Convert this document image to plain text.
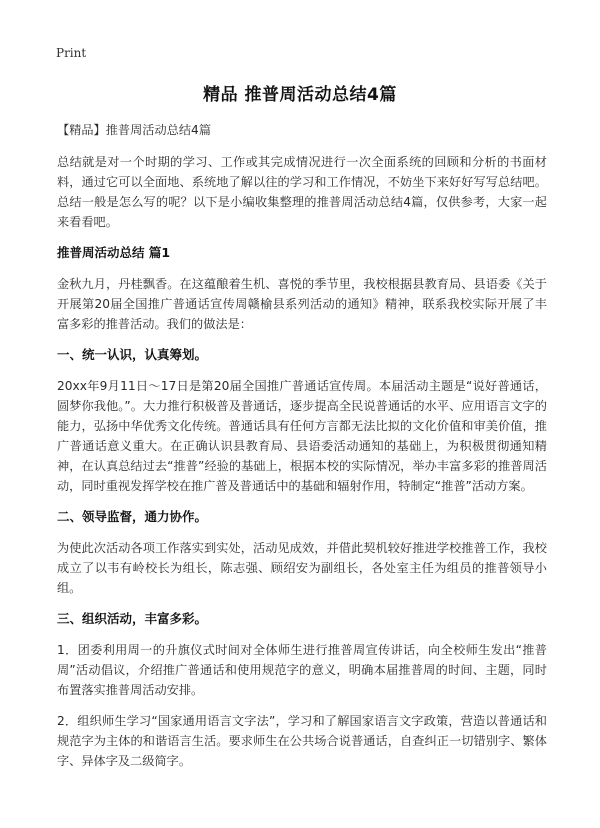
Print
精品 推普周活动总结4篇

【精品】推普周活动总结4篇

总结就是对一个时期的学习、工作或其完成情况进行一次全面系统的回顾和分析的书面材料，通过它可以全面地、系统地了解以往的学习和工作情况，不妨坐下来好好写写总结吧。总结一般是怎么写的呢？以下是小编收集整理的推普周活动总结4篇，仅供参考，大家一起来看看吧。

推普周活动总结 篇1

金秋九月，丹桂飘香。在这蕴酿着生机、喜悦的季节里，我校根据县教育局、县语委《关于开展第20届全国推广普通话宣传周赣榆县系列活动的通知》精神，联系我校实际开展了丰富多彩的推普活动。我们的做法是：

一、统一认识，认真筹划。

20xx年9月11日～17日是第20届全国推广普通话宣传周。本届活动主题是“说好普通话，圆梦你我他。”。大力推行积极普及普通话，逐步提高全民说普通话的水平、应用语言文字的能力，弘扬中华优秀文化传统。普通话具有任何方言都无法比拟的文化价值和审美价值，推广普通话意义重大。在正确认识县教育局、县语委活动通知的基础上，为积极贯彻通知精神，在认真总结过去“推普”经验的基础上，根据本校的实际情况，举办丰富多彩的推普周活动，同时重视发挥学校在推广普及普通话中的基础和辐射作用，特制定“推普”活动方案。

二、领导监督，通力协作。

为使此次活动各项工作落实到实处，活动见成效，并借此契机较好推进学校推普工作，我校成立了以韦有岭校长为组长，陈志强、顾绍安为副组长，各处室主任为组员的推普领导小组。

三、组织活动，丰富多彩。

1．团委利用周一的升旗仪式时间对全体师生进行推普周宣传讲话，向全校师生发出“推普周”活动倡议，介绍推广普通话和使用规范字的意义，明确本届推普周的时间、主题，同时布置落实推普周活动安排。

2．组织师生学习“国家通用语言文字法”，学习和了解国家语言文字政策，营造以普通话和规范字为主体的和谐语言生活。要求师生在公共场合说普通话，自查纠正一切错别字、繁体字、异体字及二级简字。
